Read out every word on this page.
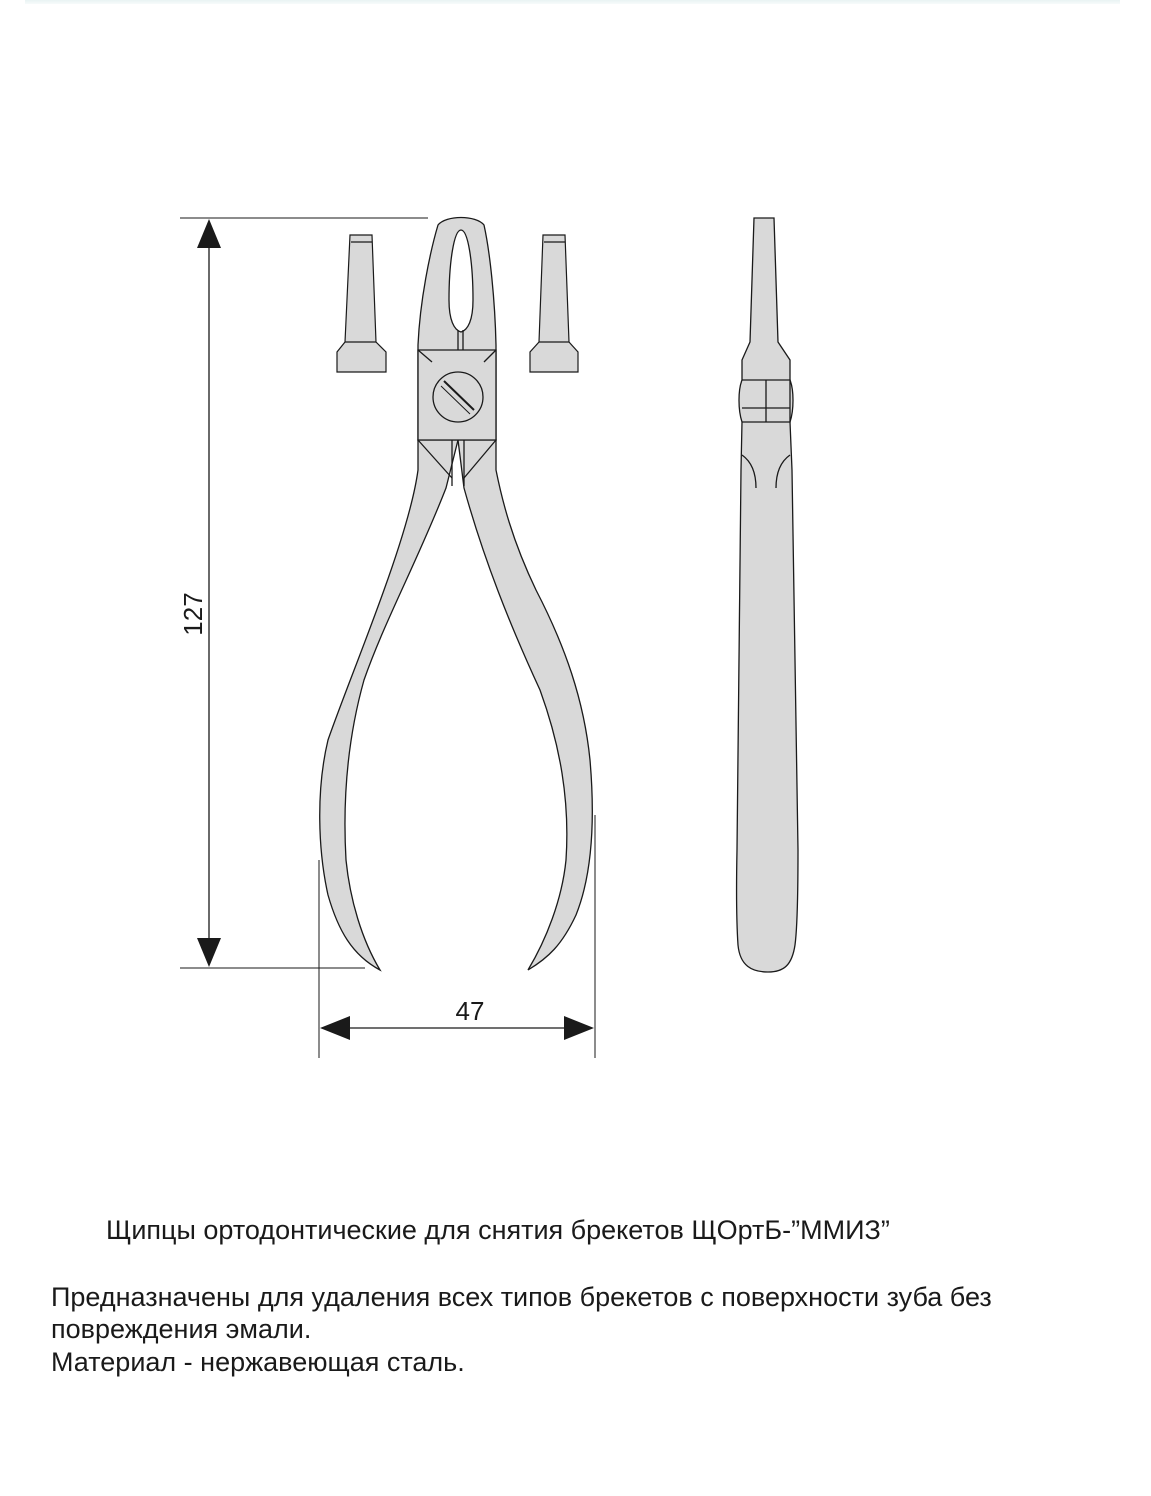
127
47
Щипцы ортодонтические для снятия брекетов ЩОртБ-”ММИЗ”
Предназначены для удаления всех типов брекетов с поверхности зуба без
повреждения эмали.
Материал - нержавеющая сталь.
